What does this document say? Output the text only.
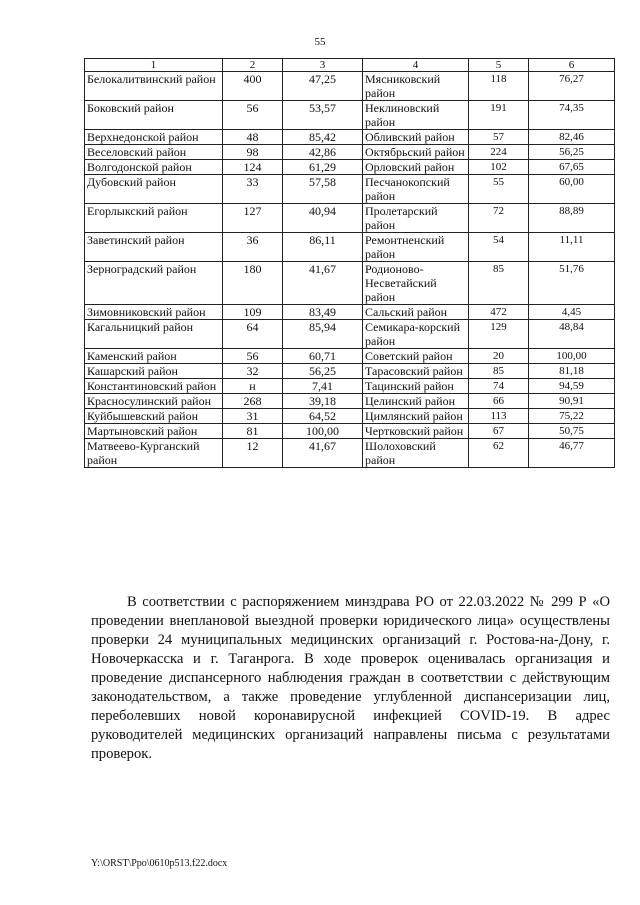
55
1	2	3	4	5	6
Белокалитвинский район	400	47,25	Мясниковский район	118	76,27
Боковский район	56	53,57	Неклиновский район	191	74,35
Верхнедонской район	48	85,42	Обливский район	57	82,46
Веселовский район	98	42,86	Октябрьский район	224	56,25
Волгодонской район	124	61,29	Орловский район	102	67,65
Дубовский район	33	57,58	Песчанокопский район	55	60,00
Егорлыкский район	127	40,94	Пролетарский район	72	88,89
Заветинский район	36	86,11	Ремонтненский район	54	11,11
Зерноградский район	180	41,67	Родионово-Несветайский район	85	51,76
Зимовниковский район	109	83,49	Сальский район	472	4,45
Кагальницкий район	64	85,94	Семикара-корский район	129	48,84
Каменский район	56	60,71	Советский район	20	100,00
Кашарский район	32	56,25	Тарасовский район	85	81,18
Константиновский район	н	7,41	Тацинский район	74	94,59
Красносулинский район	268	39,18	Целинский район	66	90,91
Куйбышевский район	31	64,52	Цимлянский район	113	75,22
Мартыновский район	81	100,00	Чертковский район	67	50,75
Матвеево-Курганский район	12	41,67	Шолоховский район	62	46,77
В соответствии с распоряжением минздрава РО от 22.03.2022 № 299 Р «О проведении внеплановой выездной проверки юридического лица» осуществлены проверки 24 муниципальных медицинских организаций г. Ростова-на-Дону, г. Новочеркасска и г. Таганрога. В ходе проверок оценивалась организация и проведение диспансерного наблюдения граждан в соответствии с действующим законодательством, а также проведение углубленной диспансеризации лиц, переболевших новой коронавирусной инфекцией COVID-19. В адрес руководителей медицинских организаций направлены письма с результатами проверок.
Y:\ORST\Ppo\0610p513.f22.docx
